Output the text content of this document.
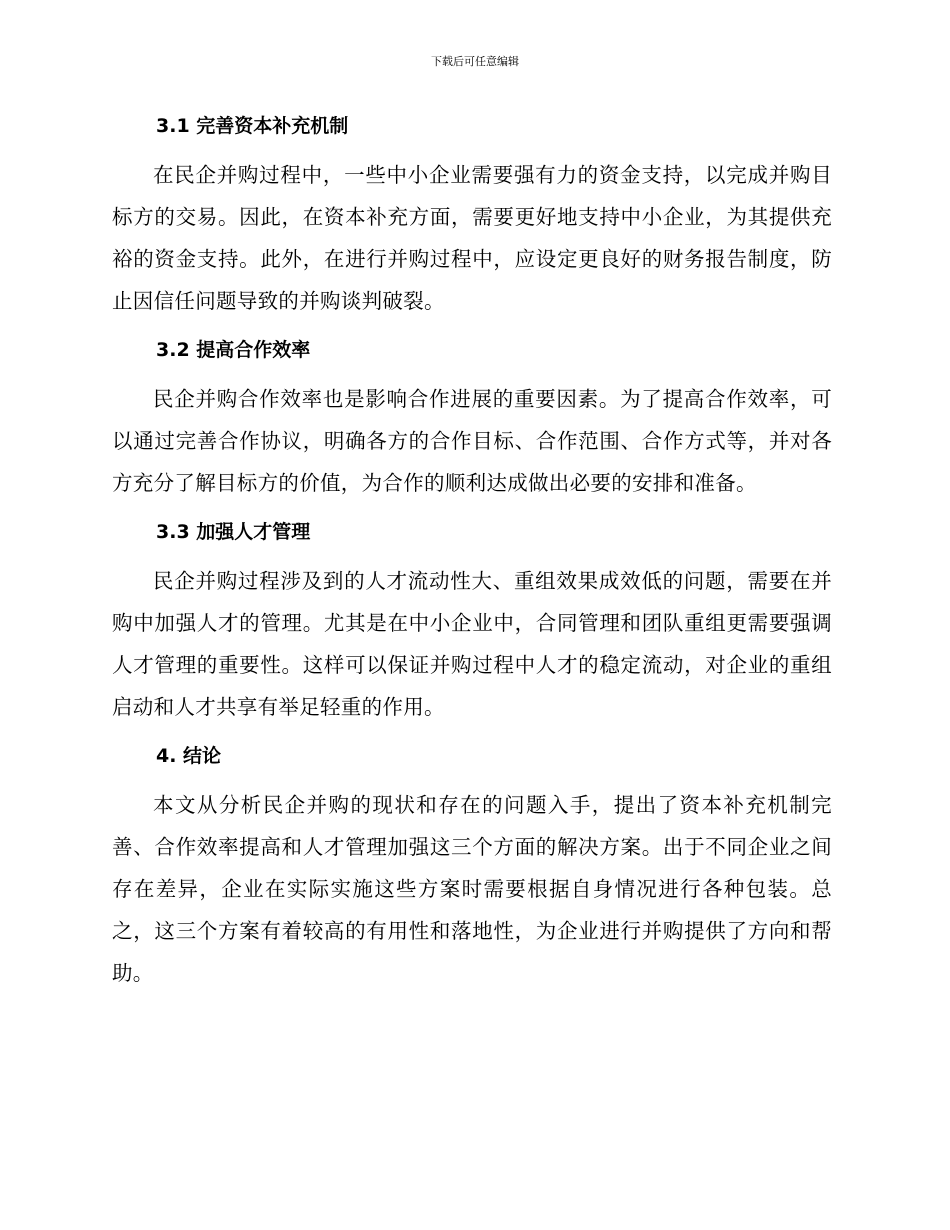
下载后可任意编辑
3.1 完善资本补充机制

在民企并购过程中，一些中小企业需要强有力的资金支持，以完成并购目标方的交易。因此，在资本补充方面，需要更好地支持中小企业，为其提供充裕的资金支持。此外，在进行并购过程中，应设定更良好的财务报告制度，防止因信任问题导致的并购谈判破裂。

3.2 提高合作效率

民企并购合作效率也是影响合作进展的重要因素。为了提高合作效率，可以通过完善合作协议，明确各方的合作目标、合作范围、合作方式等，并对各方充分了解目标方的价值，为合作的顺利达成做出必要的安排和准备。

3.3 加强人才管理

民企并购过程涉及到的人才流动性大、重组效果成效低的问题，需要在并购中加强人才的管理。尤其是在中小企业中，合同管理和团队重组更需要强调人才管理的重要性。这样可以保证并购过程中人才的稳定流动，对企业的重组启动和人才共享有举足轻重的作用。

4. 结论

本文从分析民企并购的现状和存在的问题入手，提出了资本补充机制完善、合作效率提高和人才管理加强这三个方面的解决方案。出于不同企业之间存在差异，企业在实际实施这些方案时需要根据自身情况进行各种包装。总之，这三个方案有着较高的有用性和落地性，为企业进行并购提供了方向和帮助。
